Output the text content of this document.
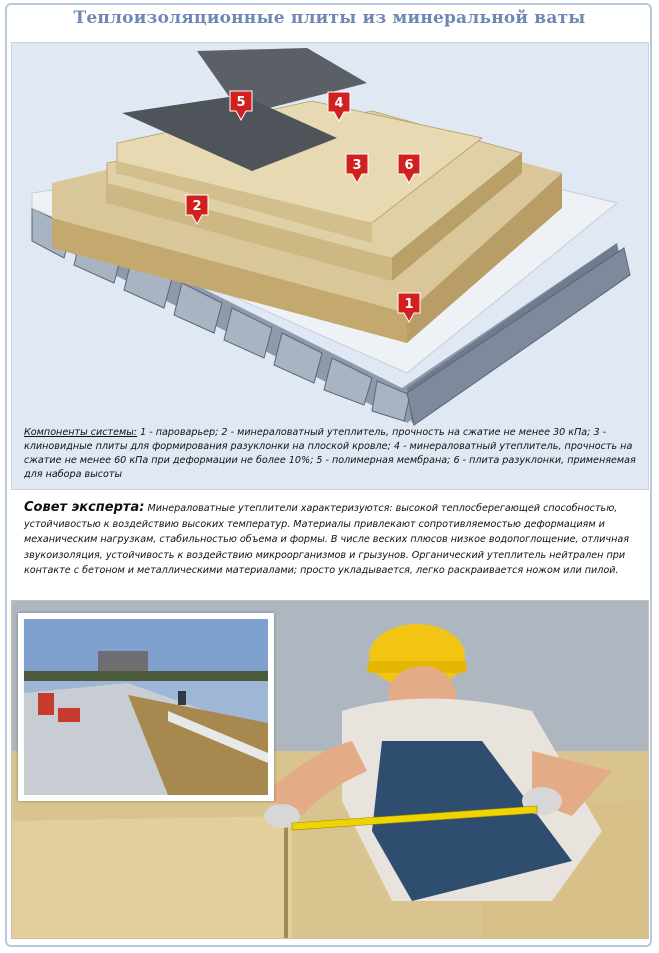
Теплоизоляционные плиты из минеральной ваты
1
2
3
4
5
6
Компоненты системы: 1 - пароварьер; 2 - минераловатный утеплитель, прочность на сжатие не менее 30 кПа; 3 - клиновидные плиты для формирования разуклонки на плоской кровле; 4 - минераловатный утеплитель, прочность на сжатие не менее 60 кПа при деформации не более 10%; 5 - полимерная мембрана; 6 - плита разуклонки, применяемая для набора высоты
Совет эксперта: Минераловатные утеплители характеризуются: высокой теплосберегающей способностью, устойчивостью к воздействию высоких температур. Материалы привлекают сопротивляемостью деформациям и механическим нагрузкам, стабильностью объема и формы. В числе веских плюсов низкое водопоглощение, отличная звукоизоляция, устойчивость к воздействию микроорганизмов и грызунов. Органический утеплитель нейтрален при контакте с бетоном и металлическими материалами; просто укладывается, легко раскраивается ножом или пилой.
